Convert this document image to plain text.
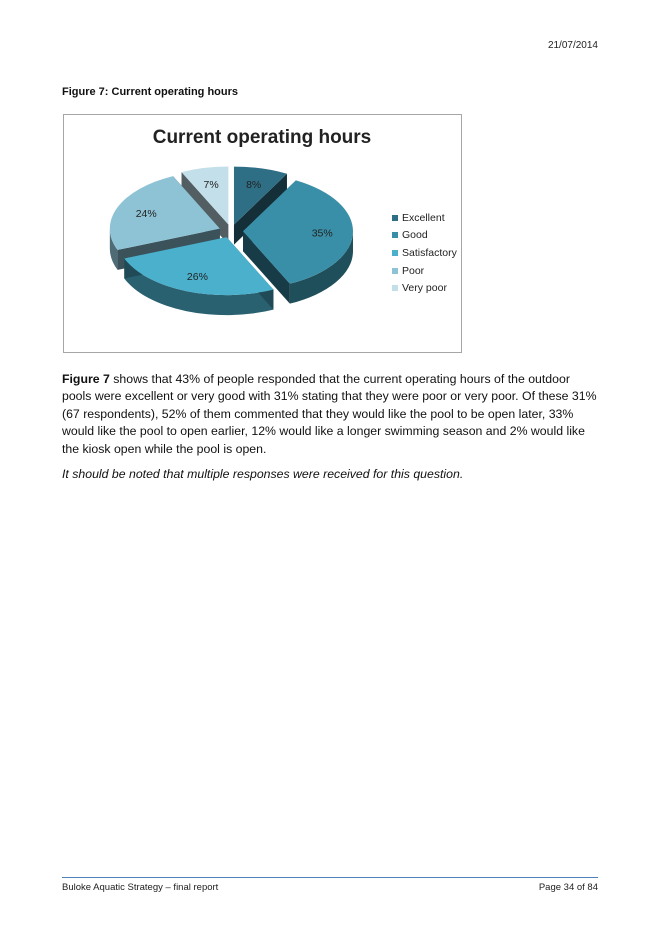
21/07/2014
Figure 7: Current operating hours
Current operating hours
8%
35%
26%
24%
7%
Excellent
Good
Satisfactory
Poor
Very poor

Figure 7 shows that 43% of people responded that the current operating hours of the outdoor pools were excellent or very good with 31% stating that they were poor or very poor. Of these 31% (67 respondents), 52% of them commented that they would like the pool to be open later, 33% would like the pool to open earlier, 12% would like a longer swimming season and 2% would like the kiosk open while the pool is open.

It should be noted that multiple responses were received for this question.

Buloke Aquatic Strategy – final report	Page 34 of 84
